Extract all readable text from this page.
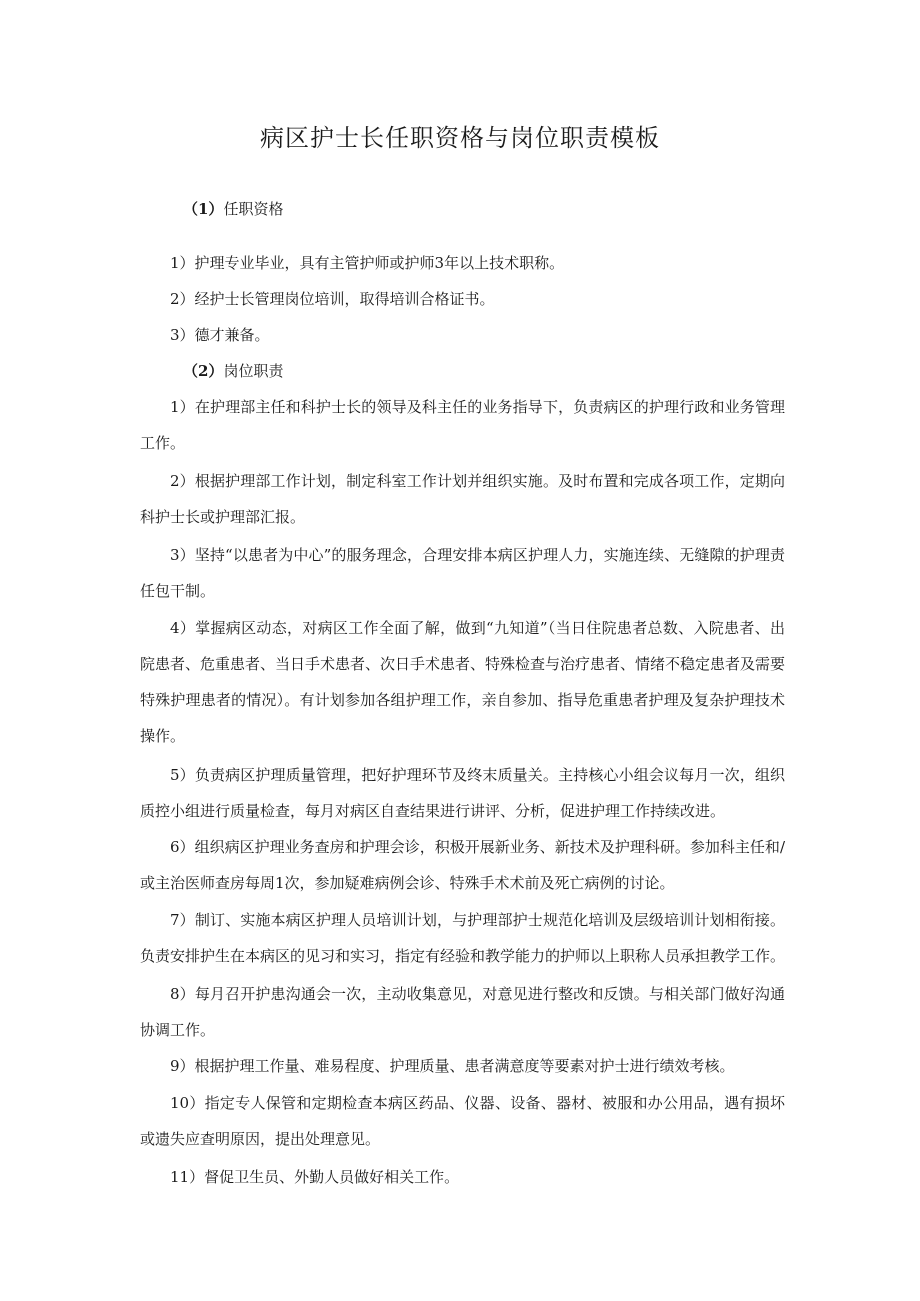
病区护士长任职资格与岗位职责模板
（1）任职资格
1）护理专业毕业，具有主管护师或护师3年以上技术职称。
2）经护士长管理岗位培训，取得培训合格证书。
3）德才兼备。
（2）岗位职责

1）在护理部主任和科护士长的领导及科主任的业务指导下，负责病区的护理行政和业务管理工作。

2）根据护理部工作计划，制定科室工作计划并组织实施。及时布置和完成各项工作，定期向科护士长或护理部汇报。

3）坚持“以患者为中心”的服务理念，合理安排本病区护理人力，实施连续、无缝隙的护理责任包干制。

4）掌握病区动态，对病区工作全面了解，做到“九知道”（当日住院患者总数、入院患者、出院患者、危重患者、当日手术患者、次日手术患者、特殊检查与治疗患者、情绪不稳定患者及需要特殊护理患者的情况）。有计划参加各组护理工作，亲自参加、指导危重患者护理及复杂护理技术操作。

5）负责病区护理质量管理，把好护理环节及终末质量关。主持核心小组会议每月一次，组织质控小组进行质量检查，每月对病区自查结果进行讲评、分析，促进护理工作持续改进。

6）组织病区护理业务查房和护理会诊，积极开展新业务、新技术及护理科研。参加科主任和/或主治医师查房每周1次，参加疑难病例会诊、特殊手术术前及死亡病例的讨论。

7）制订、实施本病区护理人员培训计划，与护理部护士规范化培训及层级培训计划相衔接。负责安排护生在本病区的见习和实习，指定有经验和教学能力的护师以上职称人员承担教学工作。

8）每月召开护患沟通会一次，主动收集意见，对意见进行整改和反馈。与相关部门做好沟通协调工作。

9）根据护理工作量、难易程度、护理质量、患者满意度等要素对护士进行绩效考核。

10）指定专人保管和定期检查本病区药品、仪器、设备、器材、被服和办公用品，遇有损坏或遗失应查明原因，提出处理意见。

11）督促卫生员、外勤人员做好相关工作。
